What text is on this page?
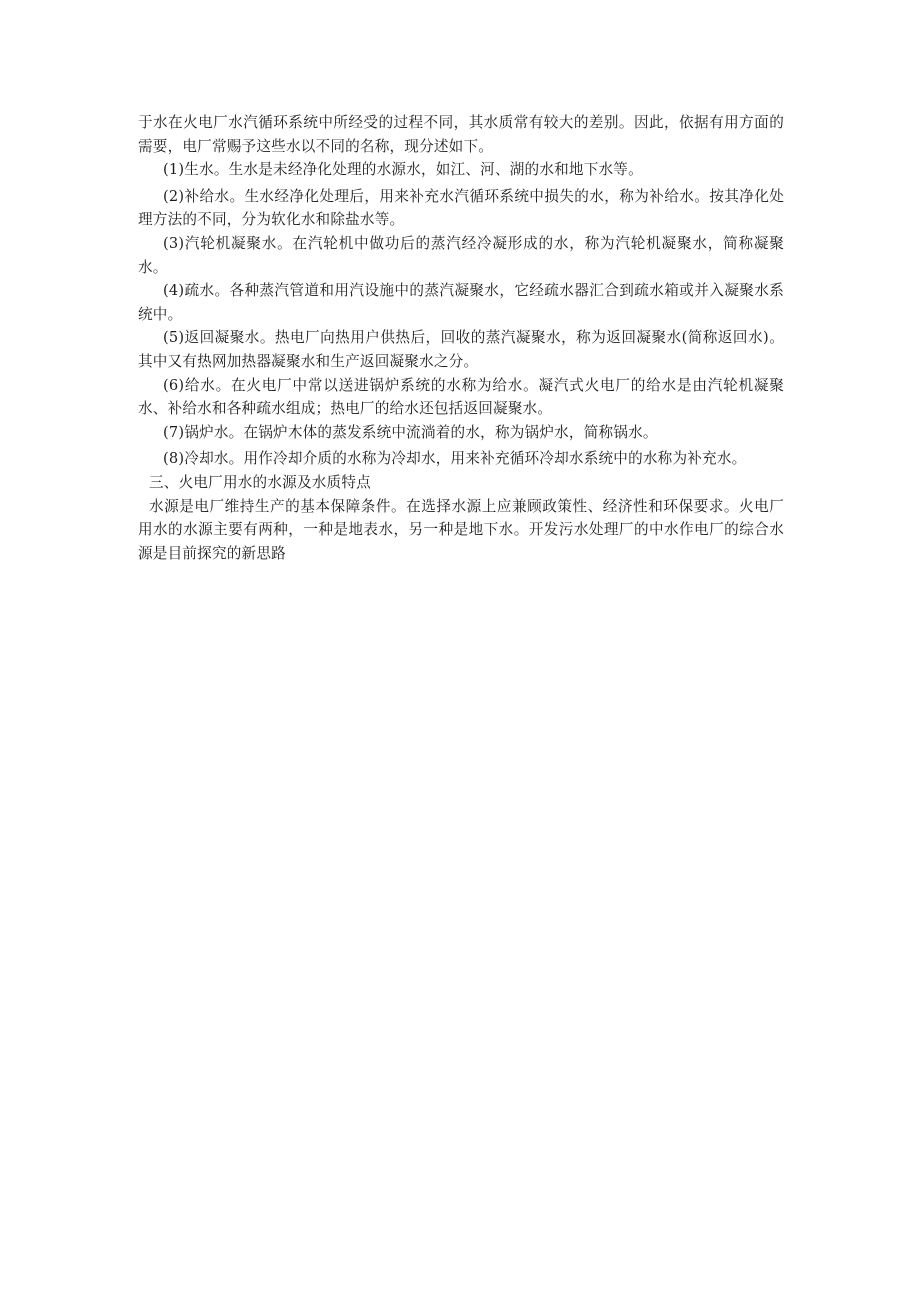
于水在火电厂水汽循环系统中所经受的过程不同，其水质常有较大的差别。因此，依据有用方面的需要，电厂常赐予这些水以不同的名称，现分述如下。

(1)生水。生水是未经净化处理的水源水，如江、河、湖的水和地下水等。

(2)补给水。生水经净化处理后，用来补充水汽循环系统中损失的水，称为补给水。按其净化处理方法的不同，分为软化水和除盐水等。

(3)汽轮机凝聚水。在汽轮机中做功后的蒸汽经冷凝形成的水，称为汽轮机凝聚水，简称凝聚水。

(4)疏水。各种蒸汽管道和用汽设施中的蒸汽凝聚水，它经疏水器汇合到疏水箱或并入凝聚水系统中。

(5)返回凝聚水。热电厂向热用户供热后，回收的蒸汽凝聚水，称为返回凝聚水(简称返回水)。其中又有热网加热器凝聚水和生产返回凝聚水之分。

(6)给水。在火电厂中常以送进锅炉系统的水称为给水。凝汽式火电厂的给水是由汽轮机凝聚水、补给水和各种疏水组成；热电厂的给水还包括返回凝聚水。

(7)锅炉水。在锅炉木体的蒸发系统中流淌着的水，称为锅炉水，简称锅水。

(8)冷却水。用作冷却介质的水称为冷却水，用来补充循环冷却水系统中的水称为补充水。

三、火电厂用水的水源及水质特点

水源是电厂维持生产的基本保障条件。在选择水源上应兼顾政策性、经济性和环保要求。火电厂用水的水源主要有两种，一种是地表水，另一种是地下水。开发污水处理厂的中水作电厂的综合水源是目前探究的新思路
